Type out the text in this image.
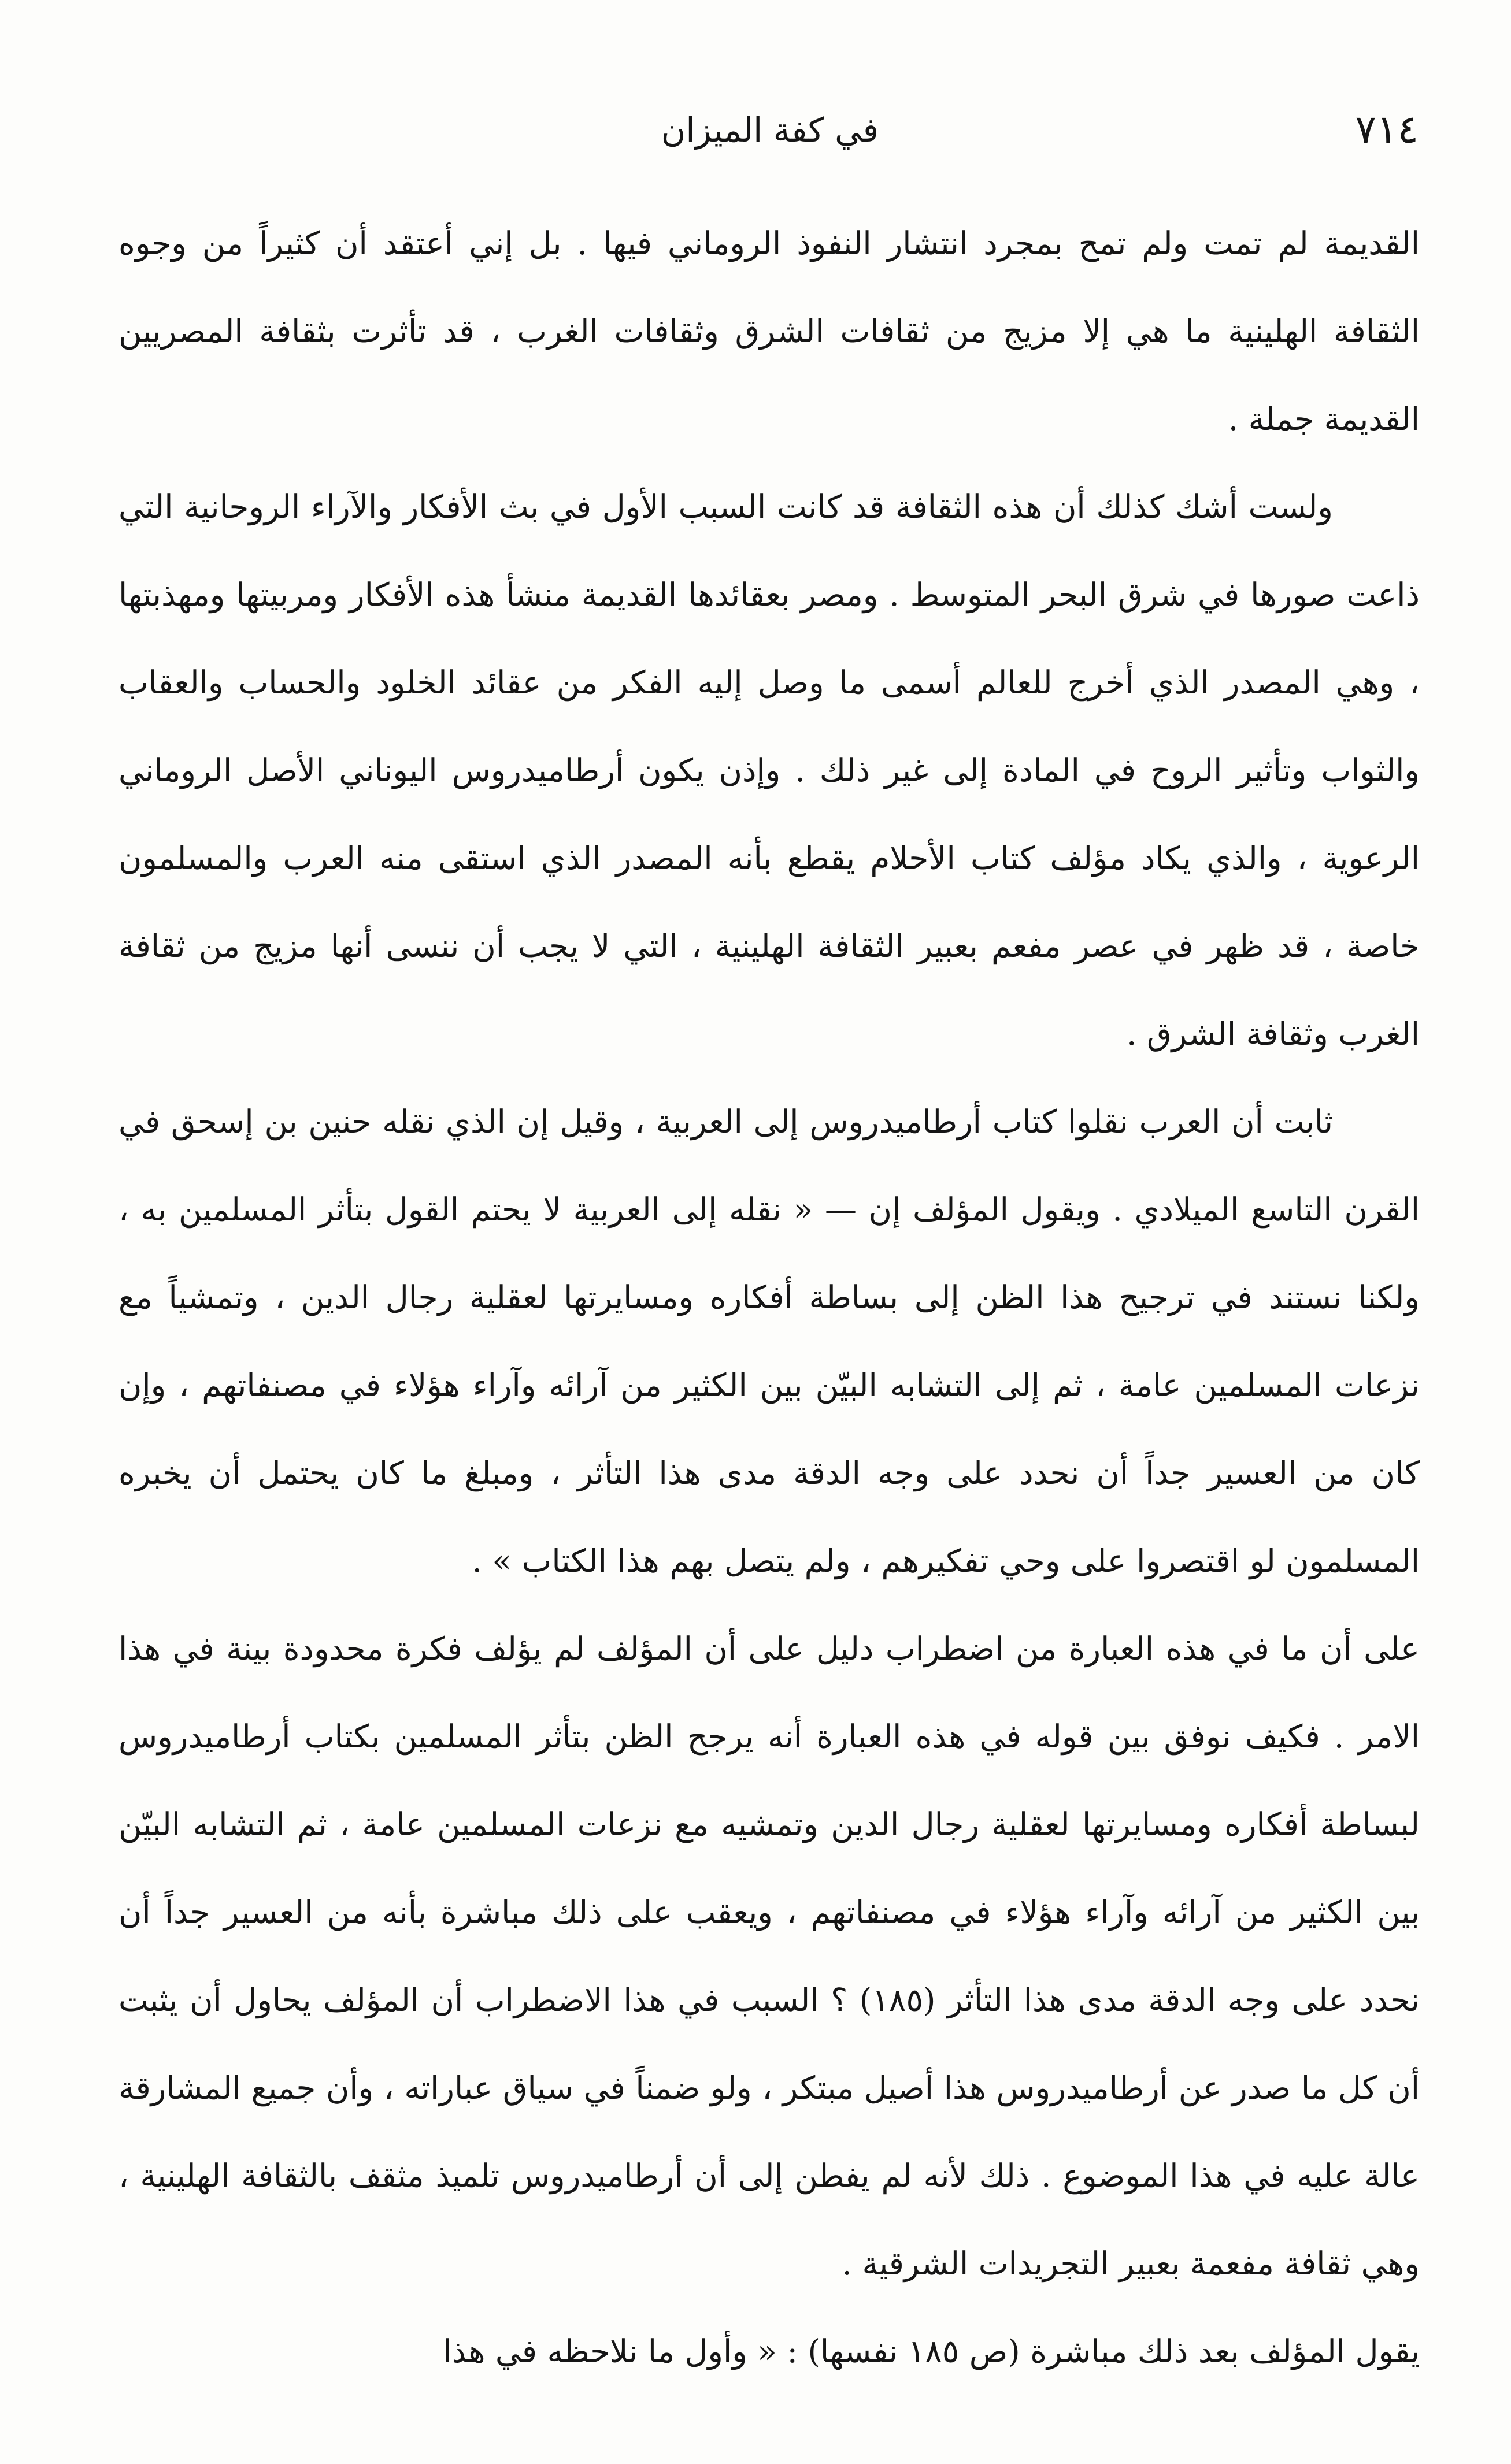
٧١٤
في كفة الميزان

القديمة لم تمت ولم تمح بمجرد انتشار النفوذ الروماني فيها . بل إني أعتقد أن كثيراً من وجوه الثقافة الهلينية ما هي إلا مزيج من ثقافات الشرق وثقافات الغرب ، قد تأثرت بثقافة المصريين القديمة جملة .

ولست أشك كذلك أن هذه الثقافة قد كانت السبب الأول في بث الأفكار والآراء الروحانية التي ذاعت صورها في شرق البحر المتوسط . ومصر بعقائدها القديمة منشأ هذه الأفكار ومربيتها ومهذبتها ، وهي المصدر الذي أخرج للعالم أسمى ما وصل إليه الفكر من عقائد الخلود والحساب والعقاب والثواب وتأثير الروح في المادة إلى غير ذلك . وإذن يكون أرطاميدروس اليوناني الأصل الروماني الرعوية ، والذي يكاد مؤلف كتاب الأحلام يقطع بأنه المصدر الذي استقى منه العرب والمسلمون خاصة ، قد ظهر في عصر مفعم بعبير الثقافة الهلينية ، التي لا يجب أن ننسى أنها مزيج من ثقافة الغرب وثقافة الشرق .

ثابت أن العرب نقلوا كتاب أرطاميدروس إلى العربية ، وقيل إن الذي نقله حنين بن إسحق في القرن التاسع الميلادي . ويقول المؤلف إن — « نقله إلى العربية لا يحتم القول بتأثر المسلمين به ، ولكنا نستند في ترجيح هذا الظن إلى بساطة أفكاره ومسايرتها لعقلية رجال الدين ، وتمشياً مع نزعات المسلمين عامة ، ثم إلى التشابه البيّن بين الكثير من آرائه وآراء هؤلاء في مصنفاتهم ، وإن كان من العسير جداً أن نحدد على وجه الدقة مدى هذا التأثر ، ومبلغ ما كان يحتمل أن يخبره المسلمون لو اقتصروا على وحي تفكيرهم ، ولم يتصل بهم هذا الكتاب » .

على أن ما في هذه العبارة من اضطراب دليل على أن المؤلف لم يؤلف فكرة محدودة بينة في هذا الامر . فكيف نوفق بين قوله في هذه العبارة أنه يرجح الظن بتأثر المسلمين بكتاب أرطاميدروس لبساطة أفكاره ومسايرتها لعقلية رجال الدين وتمشيه مع نزعات المسلمين عامة ، ثم التشابه البيّن بين الكثير من آرائه وآراء هؤلاء في مصنفاتهم ، ويعقب على ذلك مباشرة بأنه من العسير جداً أن نحدد على وجه الدقة مدى هذا التأثر (١٨٥) ؟ السبب في هذا الاضطراب أن المؤلف يحاول أن يثبت أن كل ما صدر عن أرطاميدروس هذا أصيل مبتكر ، ولو ضمناً في سياق عباراته ، وأن جميع المشارقة عالة عليه في هذا الموضوع . ذلك لأنه لم يفطن إلى أن أرطاميدروس تلميذ مثقف بالثقافة الهلينية ، وهي ثقافة مفعمة بعبير التجريدات الشرقية .

يقول المؤلف بعد ذلك مباشرة (ص ١٨٥ نفسها) : « وأول ما نلاحظه في هذا
